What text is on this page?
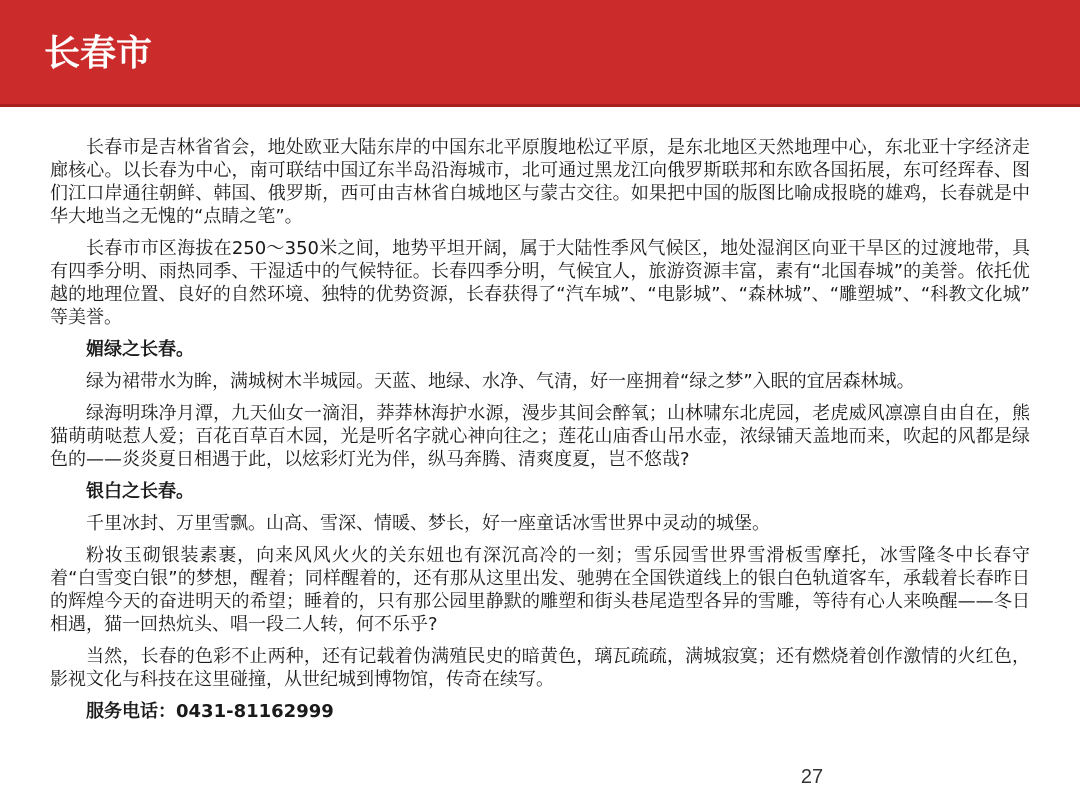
长春市

长春市是吉林省省会，地处欧亚大陆东岸的中国东北平原腹地松辽平原，是东北地区天然地理中心，东北亚十字经济走廊核心。以长春为中心，南可联结中国辽东半岛沿海城市，北可通过黑龙江向俄罗斯联邦和东欧各国拓展，东可经珲春、图们江口岸通往朝鲜、韩国、俄罗斯，西可由吉林省白城地区与蒙古交往。如果把中国的版图比喻成报晓的雄鸡，长春就是中华大地当之无愧的“点睛之笔”。

长春市市区海拔在250～350米之间，地势平坦开阔，属于大陆性季风气候区，地处湿润区向亚干旱区的过渡地带，具有四季分明、雨热同季、干湿适中的气候特征。长春四季分明，气候宜人，旅游资源丰富，素有“北国春城”的美誉。依托优越的地理位置、良好的自然环境、独特的优势资源，长春获得了“汽车城”、“电影城”、“森林城”、“雕塑城”、“科教文化城” 等美誉。

媚绿之长春。

绿为裙带水为眸，满城树木半城园。天蓝、地绿、水净、气清，好一座拥着“绿之梦”入眠的宜居森林城。

绿海明珠净月潭，九天仙女一滴泪，莽莽林海护水源，漫步其间会醉氧；山林啸东北虎园，老虎威风凛凛自由自在，熊猫萌萌哒惹人爱；百花百草百木园，光是听名字就心神向往之；莲花山庙香山吊水壶，浓绿铺天盖地而来，吹起的风都是绿色的——炎炎夏日相遇于此，以炫彩灯光为伴，纵马奔腾、清爽度夏，岂不悠哉?

银白之长春。

千里冰封、万里雪飘。山高、雪深、情暖、梦长，好一座童话冰雪世界中灵动的城堡。

粉妆玉砌银装素裹，向来风风火火的关东妞也有深沉高冷的一刻；雪乐园雪世界雪滑板雪摩托，冰雪隆冬中长春守着“白雪变白银”的梦想，醒着；同样醒着的，还有那从这里出发、驰骋在全国铁道线上的银白色轨道客车，承载着长春昨日的辉煌今天的奋进明天的希望；睡着的，只有那公园里静默的雕塑和街头巷尾造型各异的雪雕，等待有心人来唤醒——冬日相遇，猫一回热炕头、唱一段二人转，何不乐乎?

当然，长春的色彩不止两种，还有记载着伪满殖民史的暗黄色，璃瓦疏疏，满城寂寞；还有燃烧着创作激情的火红色，影视文化与科技在这里碰撞，从世纪城到博物馆，传奇在续写。

服务电话：0431-81162999

27
